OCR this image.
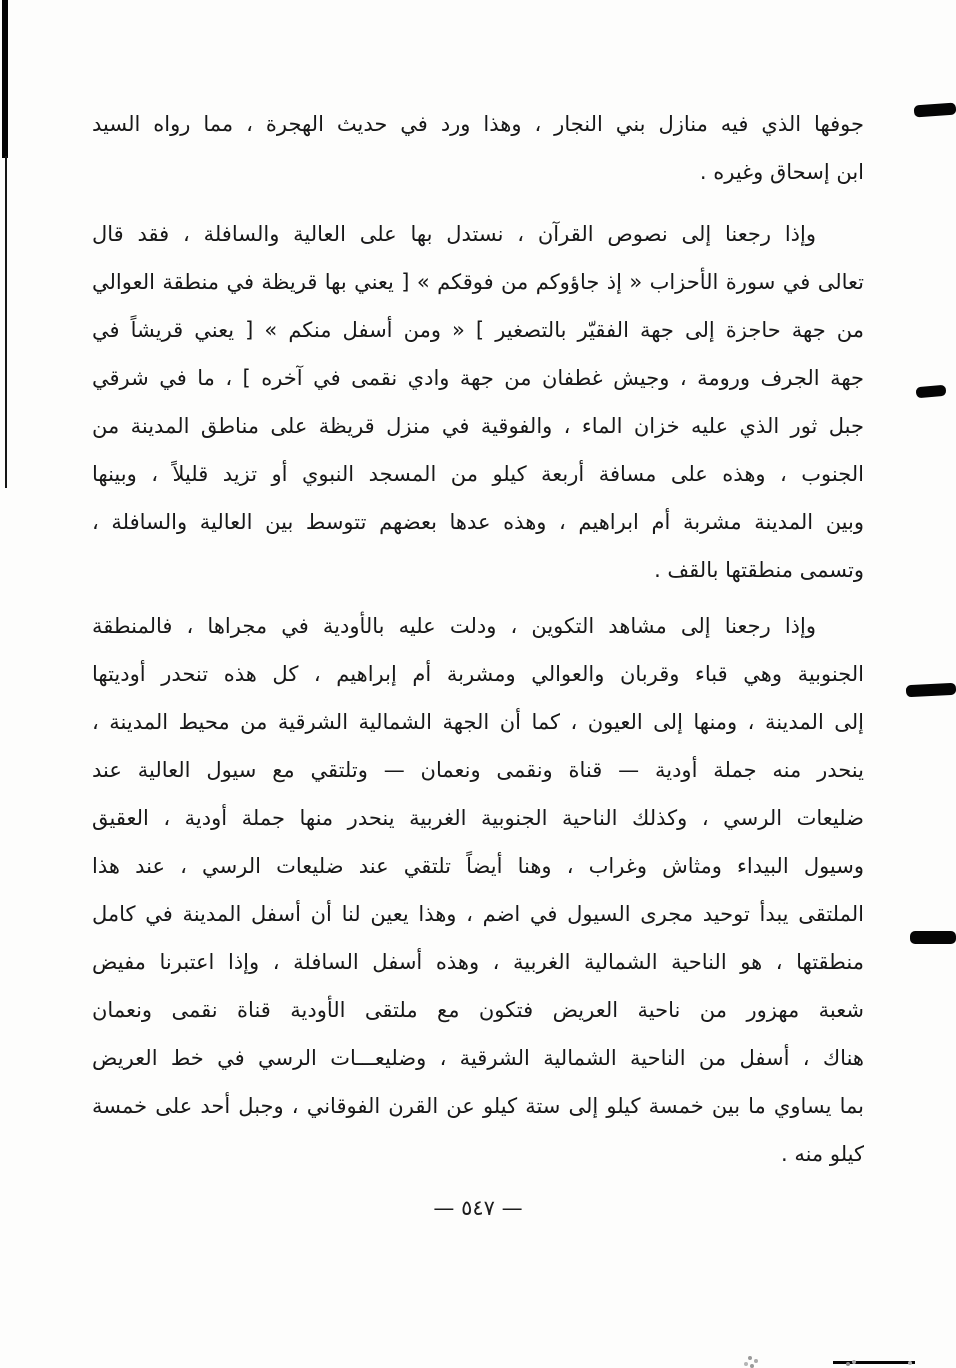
جوفها الذي فيه منازل بني النجار ، وهذا ورد في حديث الهجرة ، مما رواه السيد
ابن إسحاق وغيره .
وإذا رجعنا إلى نصوص القرآن ، نستدل بها على العالية والسافلة ، فقد قال
تعالى في سورة الأحزاب « إذ جاؤوكم من فوقكم » [ يعني بها قريظة في منطقة العوالي
من جهة حاجزة إلى جهة الفقيّر بالتصغير ] « ومن أسفل منكم » [ يعني قريشاً في
جهة الجرف ورومة ، وجيش غطفان من جهة وادي نقمى في آخره ] ، ما في شرقي
جبل ثور الذي عليه خزان الماء ، والفوقية في منزل قريظة على مناطق المدينة من
الجنوب ، وهذه على مسافة أربعة كيلو من المسجد النبوي أو تزيد قليلاً ، وبينها
وبين المدينة مشربة أم ابراهيم ، وهذه عدها بعضهم تتوسط بين العالية والسافلة ،
وتسمى منطقتها بالقف .
وإذا رجعنا إلى مشاهد التكوين ، ودلت عليه بالأودية في مجراها ، فالمنطقة
الجنوبية وهي قباء وقربان والعوالي ومشربة أم إبراهيم ، كل هذه تنحدر أوديتها
إلى المدينة ، ومنها إلى العيون ، كما أن الجهة الشمالية الشرقية من محيط المدينة ،
ينحدر منه جملة أودية — قناة ونقمى ونعمان — وتلتقي مع سيول العالية عند
ضليعات الرسي ، وكذلك الناحية الجنوبية الغربية ينحدر منها جملة أودية ، العقيق
وسيول البيداء ومثاش وغراب ، وهنا أيضاً تلتقي عند ضليعات الرسي ، عند هذا
الملتقى يبدأ توحيد مجرى السيول في اضم ، وهذا يعين لنا أن أسفل المدينة في كامل
منطقتها ، هو الناحية الشمالية الغربية ، وهذه أسفل السافلة ، وإذا اعتبرنا مفيض
شعبة مهزور من ناحية العريض فتكون مع ملتقى الأودية قناة نقمى ونعمان
هناك ، أسفل من الناحية الشمالية الشرقية ، وضليعـــات الرسي في خط العريض
بما يساوي ما بين خمسة كيلو إلى ستة كيلو عن القرن الفوقاني ، وجبل أحد على خمسة
كيلو منه .
— ٥٤٧ —
